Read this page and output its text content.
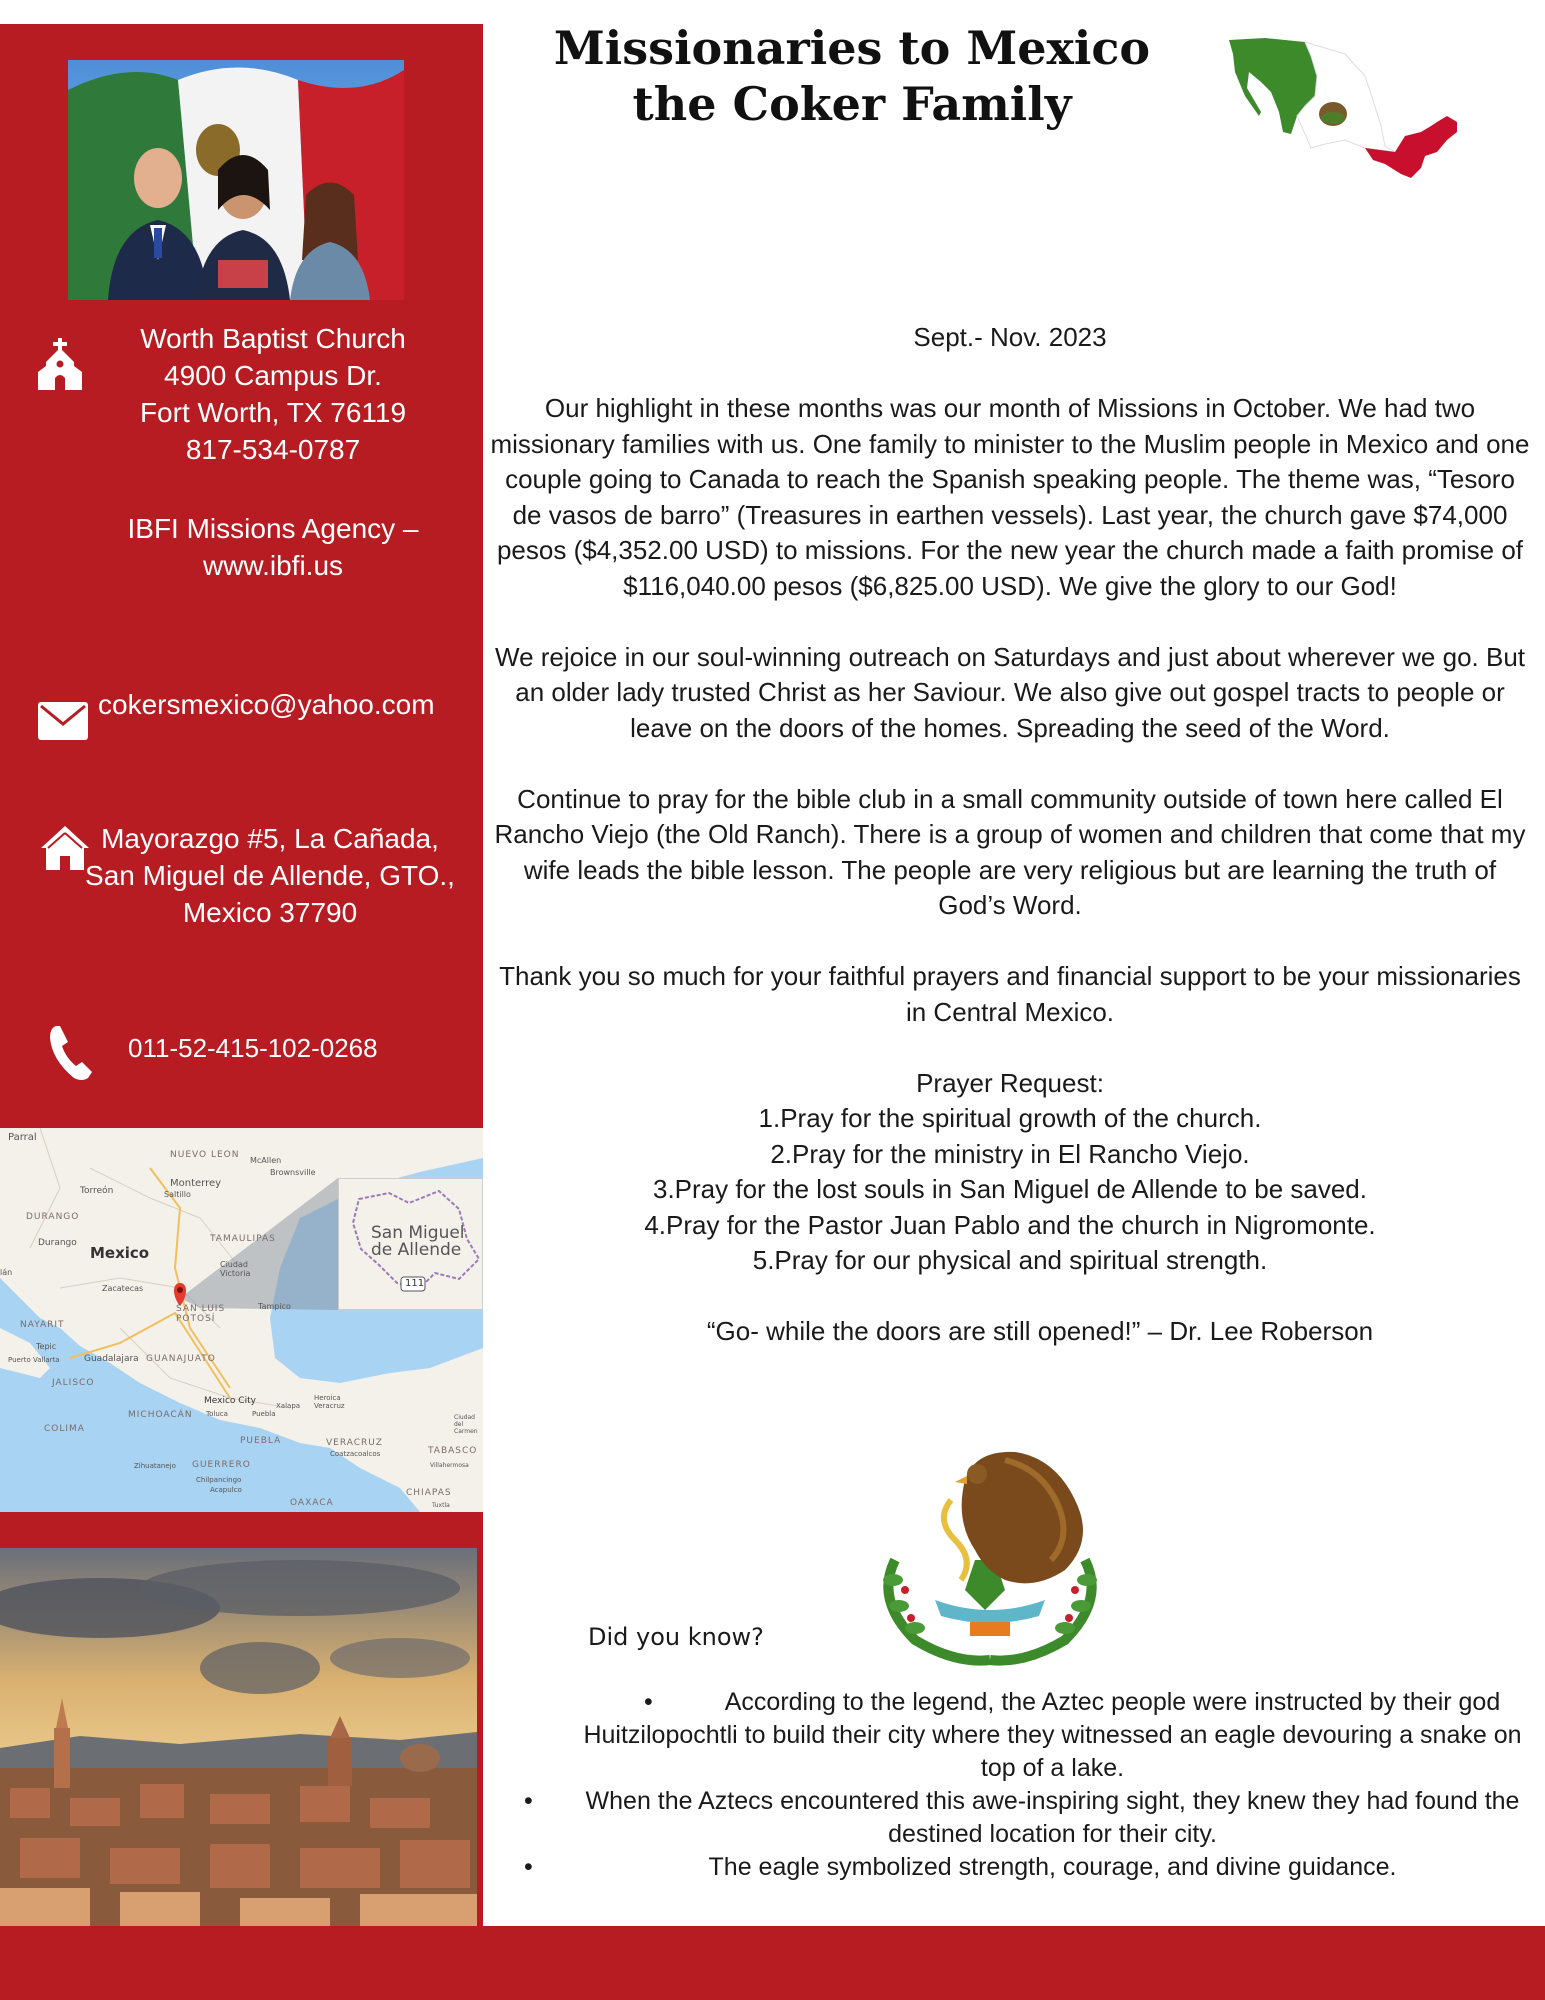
Worth Baptist Church
4900 Campus Dr.
Fort Worth, TX 76119
817-534-0787
IBFI Missions Agency –
www.ibfi.us
cokersmexico@yahoo.com
Mayorazgo #5, La Cañada,
San Miguel de Allende, GTO.,
Mexico 37790
011-52-415-102-0268
Parral
NUEVO LEON
McAllen
Brownsville
Monterrey
Saltillo
Torreón
DURANGO
Durango
Mexico
TAMAULIPAS
Ciudad Victoria
lán
Zacatecas
SAN LUIS POTOSÍ
Tampico
NAYARIT
Tepic
Guadalajara GUANAJUATO
Puerto Vallarta
JALISCO
Mexico City
Toluca
Xalapa
Heroica Veracruz
MICHOACÁN	Puebla
COLIMA
PUEBLA	VERACRUZ
TABASCO
Coatzacoalcos
Ciudad del Carmen
Villahermosa
Zihuatanejo GUERRERO
Chilpancingo
Acapulco
OAXACA
CHIAPAS
Tuxtla
San Miguel
de Allende
111
Missionaries to Mexico
the Coker Family

Sept.- Nov. 2023

Our highlight in these months was our month of Missions in October. We had two missionary families with us. One family to minister to the Muslim people in Mexico and one couple going to Canada to reach the Spanish speaking people. The theme was, “Tesoro de vasos de barro” (Treasures in earthen vessels). Last year, the church gave $74,000 pesos ($4,352.00 USD) to missions. For the new year the church made a faith promise of $116,040.00 pesos ($6,825.00 USD). We give the glory to our God!

We rejoice in our soul-winning outreach on Saturdays and just about wherever we go. But an older lady trusted Christ as her Saviour. We also give out gospel tracts to people or leave on the doors of the homes. Spreading the seed of the Word.

Continue to pray for the bible club in a small community outside of town here called El Rancho Viejo (the Old Ranch). There is a group of women and children that come that my wife leads the bible lesson. The people are very religious but are learning the truth of God’s Word.

Thank you so much for your faithful prayers and financial support to be your missionaries in Central Mexico.

Prayer Request:
1.Pray for the spiritual growth of the church.
2.Pray for the ministry in El Rancho Viejo.
3.Pray for the lost souls in San Miguel de Allende to be saved.
4.Pray for the Pastor Juan Pablo and the church in Nigromonte.
5.Pray for our physical and spiritual strength.

“Go- while the doors are still opened!” – Dr. Lee Roberson

Did you know?
• According to the legend, the Aztec people were instructed by their god Huitzilopochtli to build their city where they witnessed an eagle devouring a snake on top of a lake.
• When the Aztecs encountered this awe-inspiring sight, they knew they had found the destined location for their city.
• The eagle symbolized strength, courage, and divine guidance.
